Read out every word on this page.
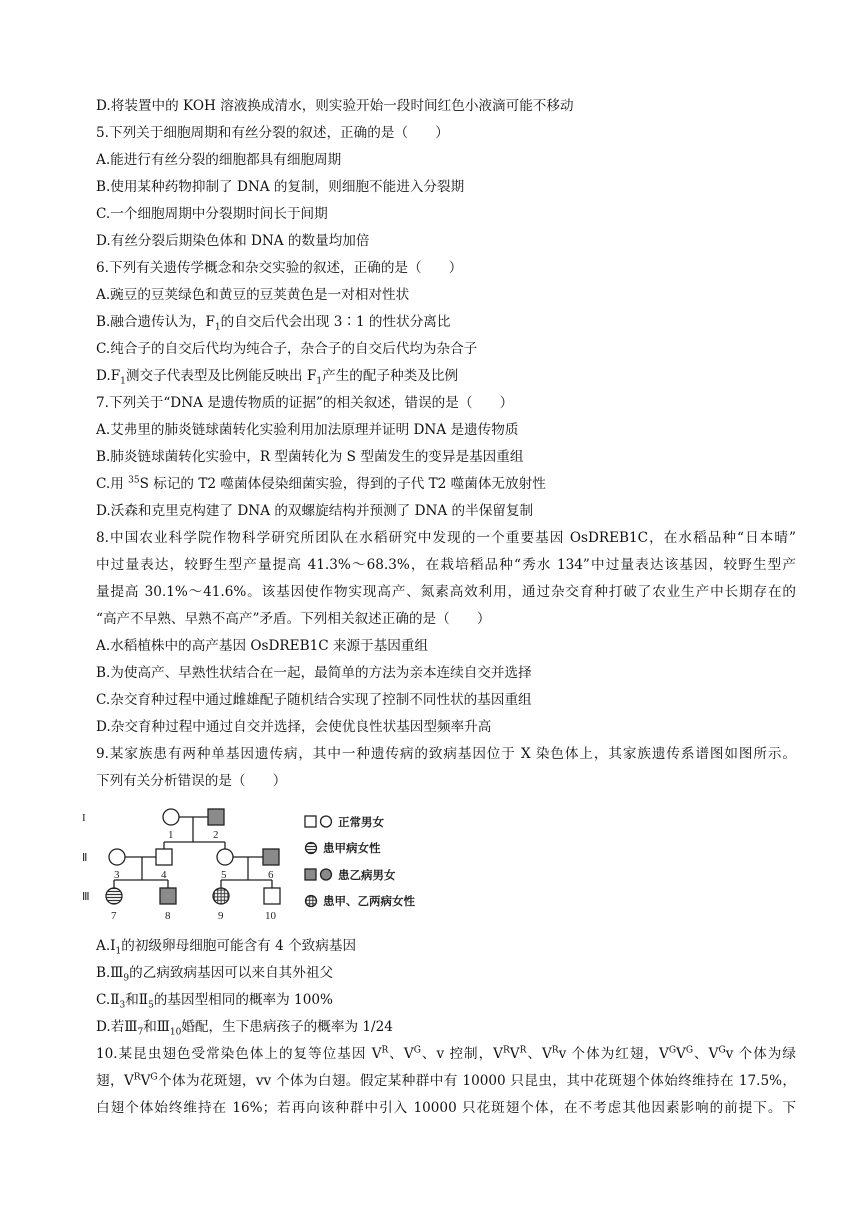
D.将装置中的 KOH 溶液换成清水，则实验开始一段时间红色小液滴可能不移动
5.下列关于细胞周期和有丝分裂的叙述，正确的是（　　）
A.能进行有丝分裂的细胞都具有细胞周期
B.使用某种药物抑制了 DNA 的复制，则细胞不能进入分裂期
C.一个细胞周期中分裂期时间长于间期
D.有丝分裂后期染色体和 DNA 的数量均加倍
6.下列有关遗传学概念和杂交实验的叙述，正确的是（　　）
A.豌豆的豆荚绿色和黄豆的豆荚黄色是一对相对性状
B.融合遗传认为，$F_1$的自交后代会出现 3∶1 的性状分离比
C.纯合子的自交后代均为纯合子，杂合子的自交后代均为杂合子
$D.F_1$测交子代表型及比例能反映出 $F_1$产生的配子种类及比例
7.下列关于“DNA 是遗传物质的证据”的相关叙述，错误的是（　　）
A.艾弗里的肺炎链球菌转化实验利用加法原理并证明 DNA 是遗传物质
B.肺炎链球菌转化实验中，R 型菌转化为 S 型菌发生的变异是基因重组
C.用 $^{35}$S 标记的 T2 噬菌体侵染细菌实验，得到的子代 T2 噬菌体无放射性
D.沃森和克里克构建了 DNA 的双螺旋结构并预测了 DNA 的半保留复制
8.中国农业科学院作物科学研究所团队在水稻研究中发现的一个重要基因 OsDREB1C，在水稻品种“日本晴”
中过量表达，较野生型产量提高 41.3%～68.3%，在栽培稻品种“秀水 134”中过量表达该基因，较野生型产
量提高 30.1%～41.6%。该基因使作物实现高产、氮素高效利用，通过杂交育种打破了农业生产中长期存在的
“高产不早熟、早熟不高产”矛盾。下列相关叙述正确的是（　　）
A.水稻植株中的高产基因 OsDREB1C 来源于基因重组
B.为使高产、早熟性状结合在一起，最简单的方法为亲本连续自交并选择
C.杂交育种过程中通过雌雄配子随机结合实现了控制不同性状的基因重组
D.杂交育种过程中通过自交并选择，会使优良性状基因型频率升高
9.某家族患有两种单基因遗传病，其中一种遗传病的致病基因位于 X 染色体上，其家族遗传系谱图如图所示。
下列有关分析错误的是（　　）
$A.I_1$的初级卵母细胞可能含有 4 个致病基因
$B.Ⅲ_9$的乙病致病基因可以来自其外祖父
$C.Ⅱ_3$和$Ⅱ_5$的基因型相同的概率为 100%
D.若$Ⅲ_7$和$Ⅲ_{10}$婚配，生下患病孩子的概率为 1/24
10.某昆虫翅色受常染色体上的复等位基因 $V^R$、$V^G$、v 控制，$V^RV^R$、$V^Rv$ 个体为红翅，$V^GV^G$、$V^Gv$ 个体为绿
翅，$V^RV^G$个体为花斑翅，vv 个体为白翅。假定某种群中有 10000 只昆虫，其中花斑翅个体始终维持在 17.5%，
白翅个体始终维持在 16%；若再向该种群中引入 10000 只花斑翅个体，在不考虑其他因素影响的前提下。下
I
Ⅱ
Ⅲ
1	2
3	4	5	6
7	8	9	10
正常男女
患甲病女性
患乙病男女
患甲、乙两病女性
